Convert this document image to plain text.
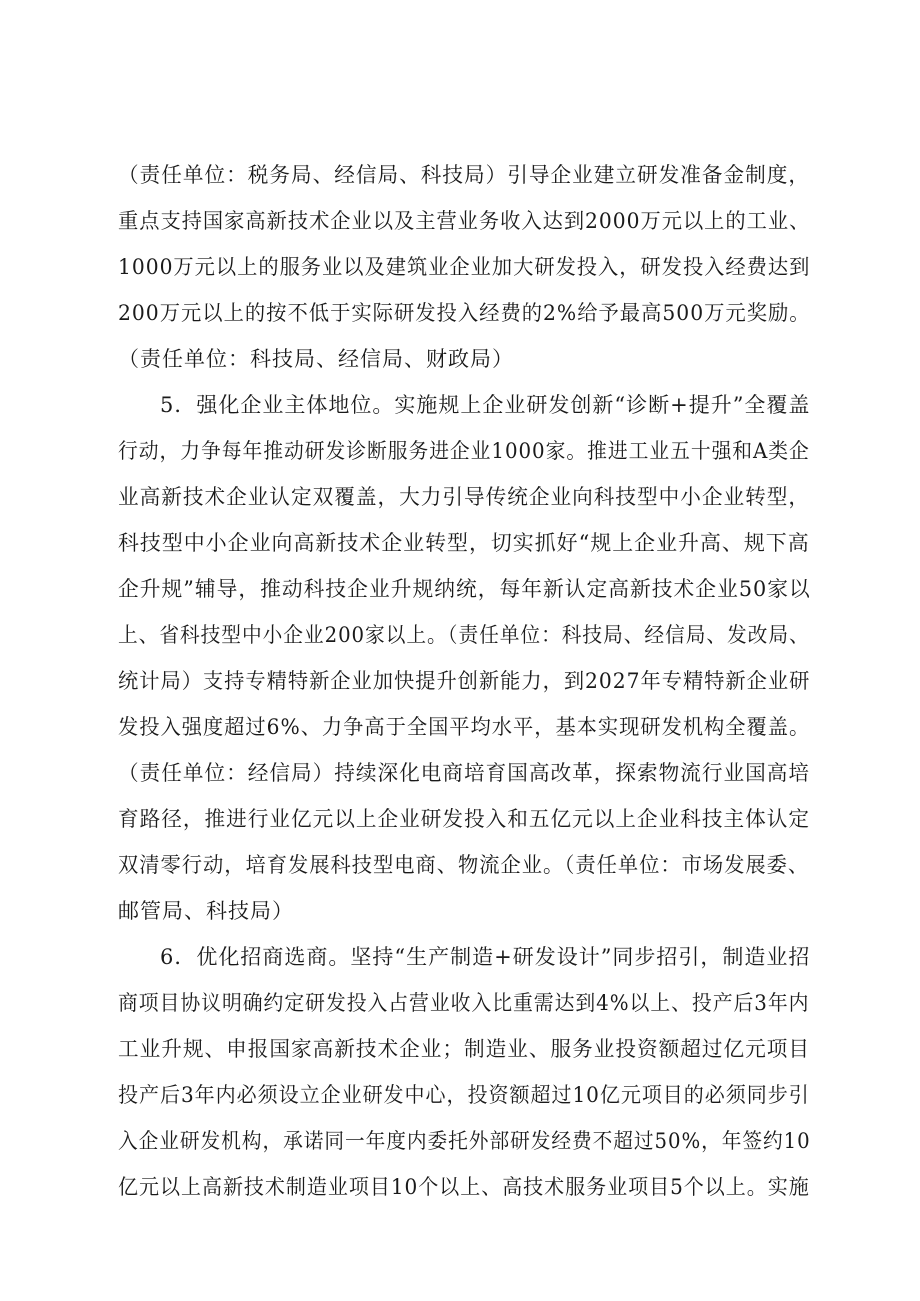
（责任单位：税务局、经信局、科技局）引导企业建立研发准备金制度，
重点支持国家高新技术企业以及主营业务收入达到2000万元以上的工业、
1000万元以上的服务业以及建筑业企业加大研发投入，研发投入经费达到
200万元以上的按不低于实际研发投入经费的2%给予最高500万元奖励。
（责任单位：科技局、经信局、财政局）
5．强化企业主体地位。实施规上企业研发创新“诊断+提升”全覆盖
行动，力争每年推动研发诊断服务进企业1000家。推进工业五十强和A类企
业高新技术企业认定双覆盖，大力引导传统企业向科技型中小企业转型，
科技型中小企业向高新技术企业转型，切实抓好“规上企业升高、规下高
企升规”辅导，推动科技企业升规纳统，每年新认定高新技术企业50家以
上、省科技型中小企业200家以上。（责任单位：科技局、经信局、发改局、
统计局）支持专精特新企业加快提升创新能力，到2027年专精特新企业研
发投入强度超过6%、力争高于全国平均水平，基本实现研发机构全覆盖。
（责任单位：经信局）持续深化电商培育国高改革，探索物流行业国高培
育路径，推进行业亿元以上企业研发投入和五亿元以上企业科技主体认定
双清零行动，培育发展科技型电商、物流企业。（责任单位：市场发展委、
邮管局、科技局）
6．优化招商选商。坚持“生产制造+研发设计”同步招引，制造业招
商项目协议明确约定研发投入占营业收入比重需达到4%以上、投产后3年内
工业升规、申报国家高新技术企业；制造业、服务业投资额超过亿元项目
投产后3年内必须设立企业研发中心，投资额超过10亿元项目的必须同步引
入企业研发机构，承诺同一年度内委托外部研发经费不超过50%，年签约10
亿元以上高新技术制造业项目10个以上、高技术服务业项目5个以上。实施
